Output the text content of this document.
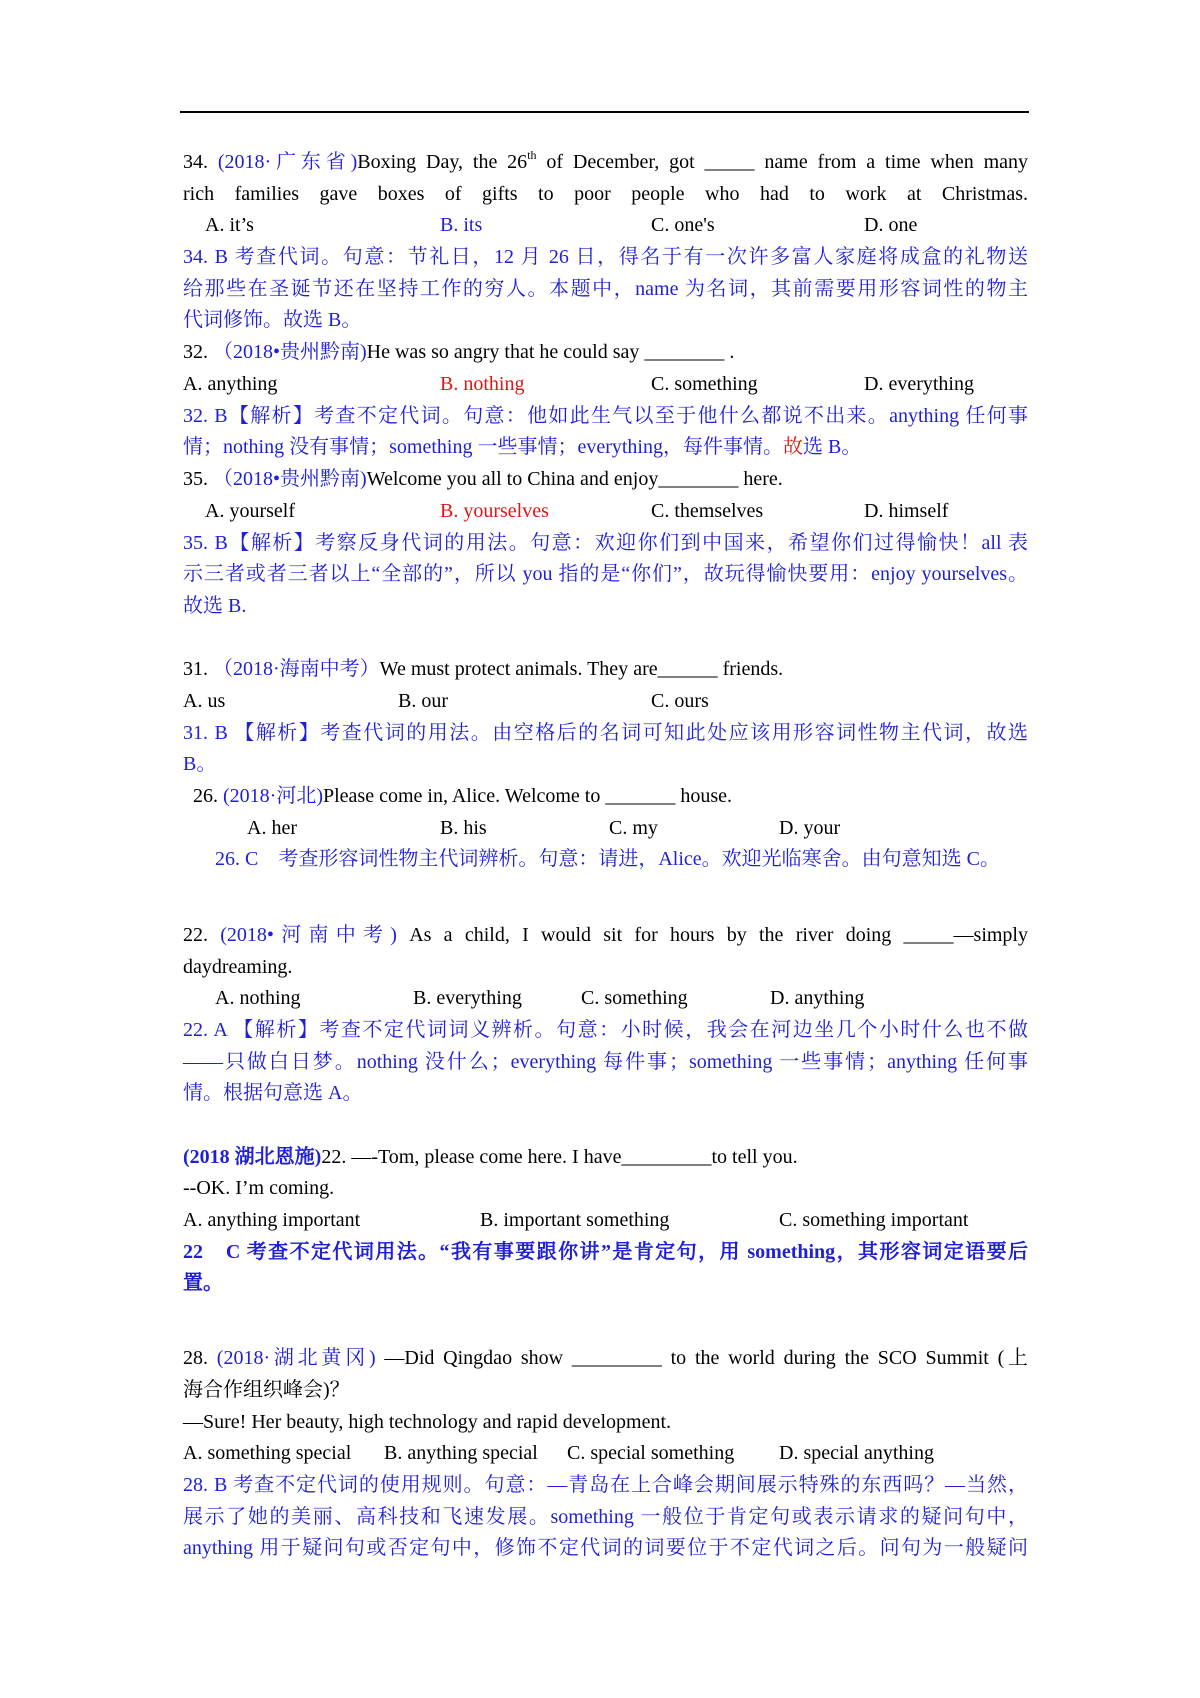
34. (2018·广东省)Boxing Day, the 26th of December, got _____ name from a time when many
rich families gave boxes of gifts to poor people who had to work at Christmas.
A. it’s	B. its	C. one's	D. one
34. B 考查代词。句意：节礼日，12 月 26 日，得名于有一次许多富人家庭将成盒的礼物送
给那些在圣诞节还在坚持工作的穷人。本题中，name 为名词，其前需要用形容词性的物主
代词修饰。故选 B。
32. （2018•贵州黔南)He was so angry that he could say ________ .
A. anything	B. nothing	C. something	D. everything
32. B【解析】考查不定代词。句意：他如此生气以至于他什么都说不出来。anything 任何事
情；nothing 没有事情；something 一些事情；everything，每件事情。故选 B。
35. （2018•贵州黔南)Welcome you all to China and enjoy________ here.
A. yourself	B. yourselves	C. themselves	D. himself
35. B【解析】考察反身代词的用法。句意：欢迎你们到中国来，希望你们过得愉快！all 表
示三者或者三者以上“全部的”，所以 you 指的是“你们”，故玩得愉快要用：enjoy yourselves。
故选 B.
31. （2018·海南中考）We must protect animals. They are______ friends.
A. us	B. our	C. ours
31. B 【解析】考查代词的用法。由空格后的名词可知此处应该用形容词性物主代词，故选
B。
26. (2018·河北)Please come in, Alice. Welcome to _______ house.
A. her	B. his	C. my	D. your
26. C　考查形容词性物主代词辨析。句意：请进，Alice。欢迎光临寒舍。由句意知选 C。
22. (2018•河南中考) As a child, I would sit for hours by the river doing _____—simply
daydreaming.
A. nothing	B. everything	C. something	D. anything
22. A 【解析】考查不定代词词义辨析。句意：小时候，我会在河边坐几个小时什么也不做
——只做白日梦。nothing 没什么；everything 每件事；something 一些事情；anything 任何事
情。根据句意选 A。
(2018 湖北恩施)22. —-Tom, please come here. I have_________to tell you.
--OK. I’m coming.
A. anything important	B. important something	C. something important
22　C 考查不定代词用法。“我有事要跟你讲”是肯定句，用 something，其形容词定语要后
置。
28. (2018·湖北黄冈) —Did Qingdao show _________ to the world during the SCO Summit (上
海合作组织峰会)？
—Sure! Her beauty, high technology and rapid development.
A. something special B. anything special C. special something D. special anything
28. B 考查不定代词的使用规则。句意：—青岛在上合峰会期间展示特殊的东西吗？—当然，
展示了她的美丽、高科技和飞速发展。something 一般位于肯定句或表示请求的疑问句中，
anything 用于疑问句或否定句中，修饰不定代词的词要位于不定代词之后。问句为一般疑问
